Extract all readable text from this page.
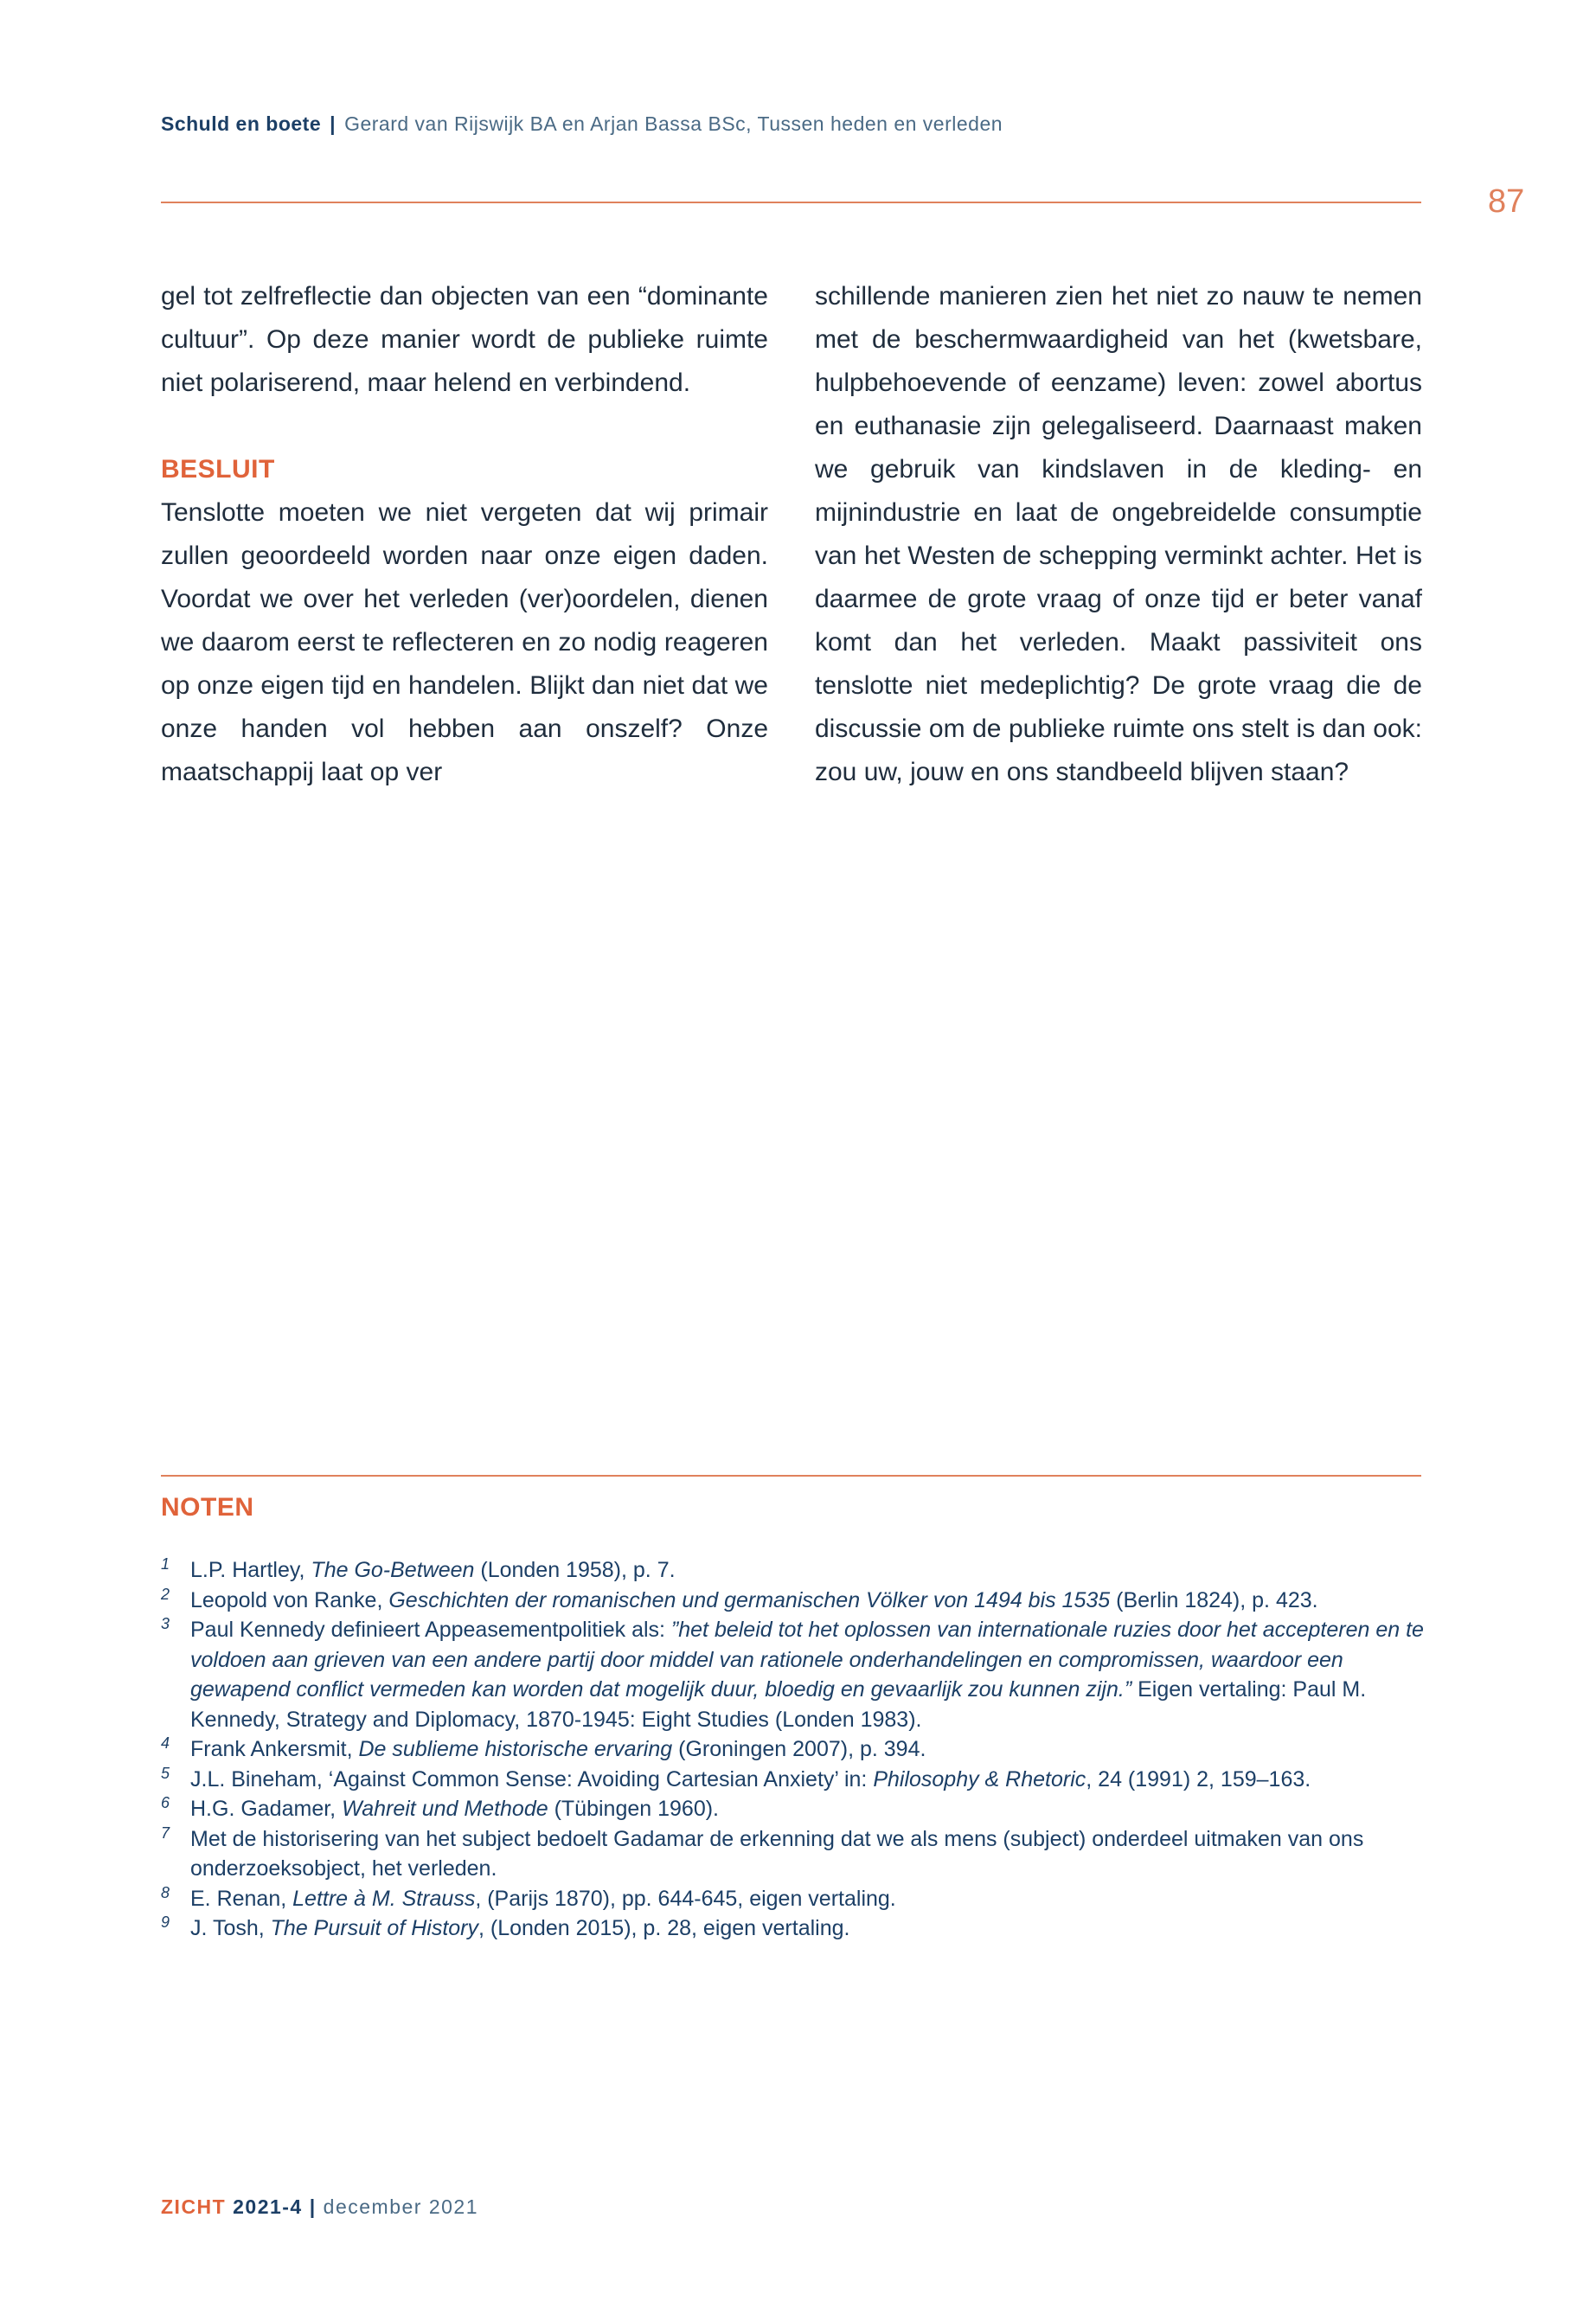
Schuld en boete | Gerard van Rijswijk BA en Arjan Bassa BSc, Tussen heden en verleden
87

gel tot zelfreflectie dan objecten van een “dominante cultuur”. Op deze manier wordt de publieke ruimte niet polariserend, maar helend en verbindend.

BESLUIT

Tenslotte moeten we niet vergeten dat wij primair zullen geoordeeld worden naar onze eigen daden. Voordat we over het verleden (ver)oordelen, dienen we daarom eerst te reflecteren en zo nodig reageren op onze eigen tijd en handelen. Blijkt dan niet dat we onze handen vol hebben aan onszelf? Onze maatschappij laat op ver

schillende manieren zien het niet zo nauw te nemen met de beschermwaardigheid van het (kwetsbare, hulpbehoevende of eenzame) leven: zowel abortus en euthanasie zijn gelegaliseerd. Daarnaast maken we gebruik van kindslaven in de kleding- en mijnindustrie en laat de ongebreidelde consumptie van het Westen de schepping verminkt achter. Het is daarmee de grote vraag of onze tijd er beter vanaf komt dan het verleden. Maakt passiviteit ons tenslotte niet medeplichtig? De grote vraag die de discussie om de publieke ruimte ons stelt is dan ook: zou uw, jouw en ons standbeeld blijven staan?

NOTEN
1 L.P. Hartley, The Go-Between (Londen 1958), p. 7.
2 Leopold von Ranke, Geschichten der romanischen und germanischen Völker von 1494 bis 1535 (Berlin 1824), p. 423.
3 Paul Kennedy definieert Appeasementpolitiek als: ”het beleid tot het oplossen van internationale ruzies door het accepteren en te voldoen aan grieven van een andere partij door middel van rationele onderhandelingen en compromissen, waardoor een gewapend conflict vermeden kan worden dat mogelijk duur, bloedig en gevaarlijk zou kunnen zijn.” Eigen vertaling: Paul M. Kennedy, Strategy and Diplomacy, 1870-1945: Eight Studies (Londen 1983).
4 Frank Ankersmit, De sublieme historische ervaring (Groningen 2007), p. 394.
5 J.L. Bineham, ‘Against Common Sense: Avoiding Cartesian Anxiety’ in: Philosophy & Rhetoric, 24 (1991) 2, 159–163.
6 H.G. Gadamer, Wahreit und Methode (Tübingen 1960).
7 Met de historisering van het subject bedoelt Gadamar de erkenning dat we als mens (subject) onderdeel uitmaken van ons onderzoeksobject, het verleden.
8 E. Renan, Lettre à M. Strauss, (Parijs 1870), pp. 644-645, eigen vertaling.
9 J. Tosh, The Pursuit of History, (Londen 2015), p. 28, eigen vertaling.
ZICHT 2021-4 | december 2021
